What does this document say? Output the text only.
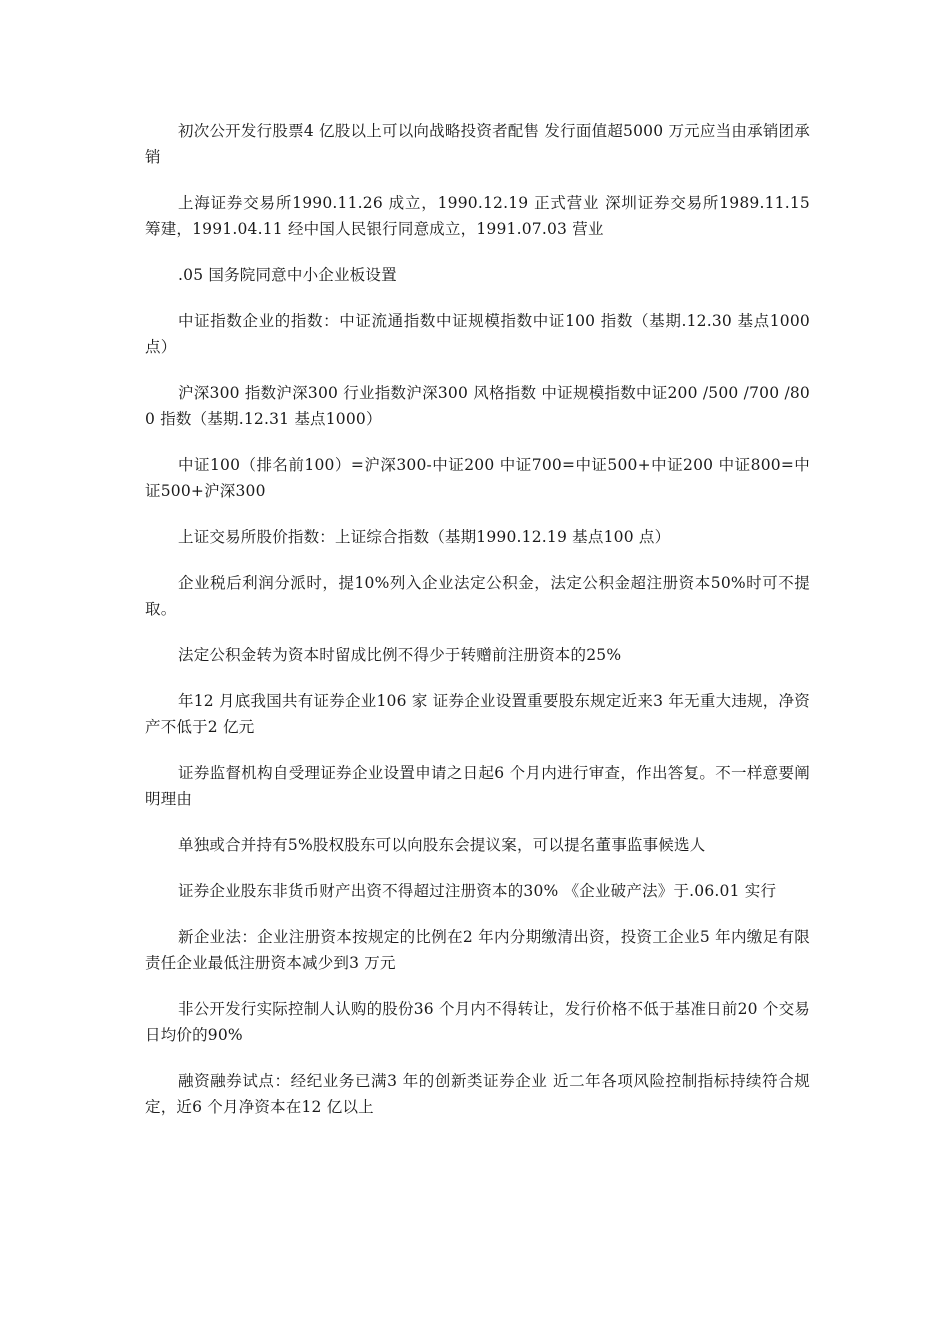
初次公开发行股票4 亿股以上可以向战略投资者配售 发行面值超5000 万元应当由承销团承销

上海证券交易所1990.11.26 成立，1990.12.19 正式营业 深圳证券交易所1989.11.15 筹建，1991.04.11 经中国人民银行同意成立，1991.07.03 营业

.05 国务院同意中小企业板设置

中证指数企业的指数：中证流通指数中证规模指数中证100 指数（基期.12.30 基点1000 点）

沪深300 指数沪深300 行业指数沪深300 风格指数 中证规模指数中证200 /500 /700 /800 指数（基期.12.31 基点1000）

中证100（排名前100）=沪深300-中证200 中证700=中证500+中证200 中证800=中证500+沪深300

上证交易所股价指数：上证综合指数（基期1990.12.19 基点100 点）

企业税后利润分派时，提10%列入企业法定公积金，法定公积金超注册资本50%时可不提取。

法定公积金转为资本时留成比例不得少于转赠前注册资本的25%

年12 月底我国共有证券企业106 家 证券企业设置重要股东规定近来3 年无重大违规，净资产不低于2 亿元

证券监督机构自受理证券企业设置申请之日起6 个月内进行审查，作出答复。不一样意要阐明理由

单独或合并持有5%股权股东可以向股东会提议案，可以提名董事监事候选人

证券企业股东非货币财产出资不得超过注册资本的30% 《企业破产法》于.06.01 实行

新企业法：企业注册资本按规定的比例在2 年内分期缴清出资，投资工企业5 年内缴足有限责任企业最低注册资本减少到3 万元

非公开发行实际控制人认购的股份36 个月内不得转让，发行价格不低于基准日前20 个交易日均价的90%

融资融券试点：经纪业务已满3 年的创新类证券企业 近二年各项风险控制指标持续符合规定，近6 个月净资本在12 亿以上
